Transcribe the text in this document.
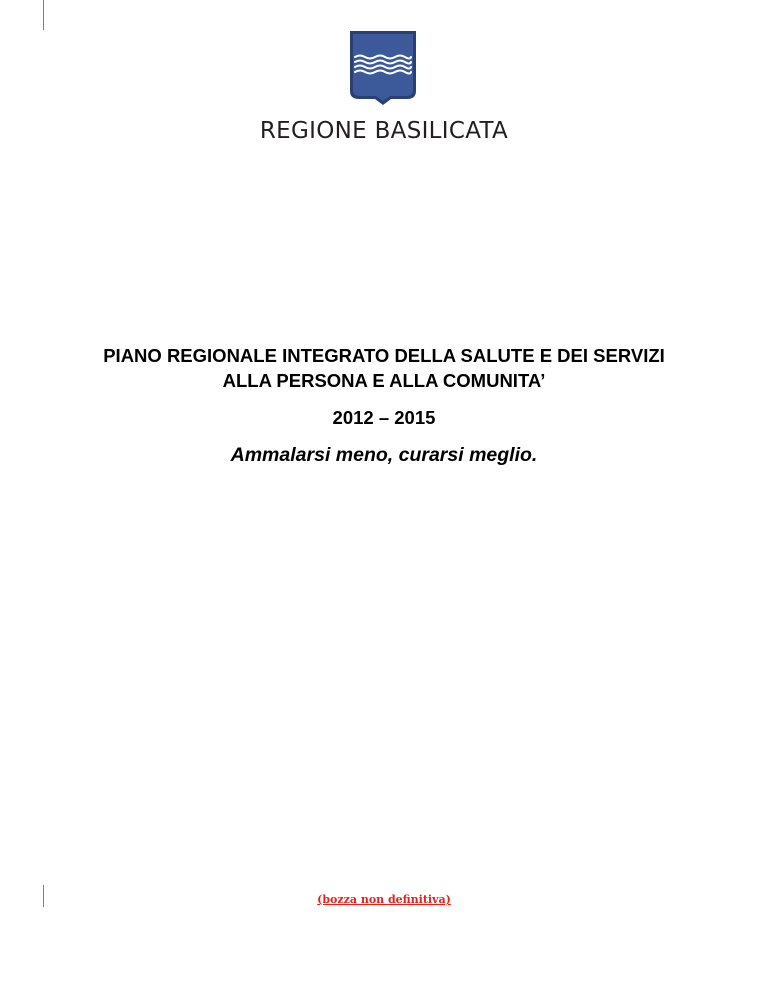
REGIONE BASILICATA
PIANO REGIONALE INTEGRATO DELLA SALUTE E DEI SERVIZI
ALLA PERSONA E ALLA COMUNITA’
2012 – 2015
Ammalarsi meno, curarsi meglio.
(bozza non definitiva)
